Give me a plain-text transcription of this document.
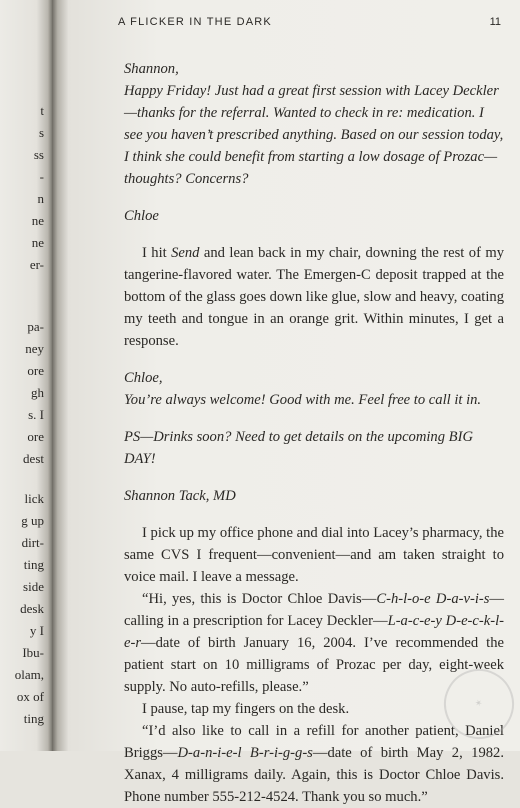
t
s
ss
-
n
ne
ne
er-
pa-
ney
ore
gh
s. I
ore
dest
lick
g up
dirt-
ting
side
desk
y I
Ibu-
olam,
ox of
ting
A FLICKER IN THE DARK	11

Shannon,

Happy Friday! Just had a great first session with Lacey Deckler—thanks for the referral. Wanted to check in re: medication. I see you haven’t prescribed anything. Based on our session today, I think she could benefit from starting a low dosage of Prozac—thoughts? Concerns?

Chloe

I hit Send and lean back in my chair, downing the rest of my tangerine-flavored water. The Emergen-C deposit trapped at the bottom of the glass goes down like glue, slow and heavy, coating my teeth and tongue in an orange grit. Within minutes, I get a response.

Chloe,

You’re always welcome! Good with me. Feel free to call it in.

PS—Drinks soon? Need to get details on the upcoming BIG DAY!

Shannon Tack, MD

I pick up my office phone and dial into Lacey’s pharmacy, the same CVS I frequent—convenient—and am taken straight to voice mail. I leave a message.

“Hi, yes, this is Doctor Chloe Davis—C-h-l-o-e D-a-v-i-s—calling in a prescription for Lacey Deckler—L-a-c-e-y D-e-c-k-l-e-r—date of birth January 16, 2004. I’ve recommended the patient start on 10 milligrams of Prozac per day, eight-week supply. No auto-refills, please.”

I pause, tap my fingers on the desk.

“I’d also like to call in a refill for another patient, Daniel Briggs—D-a-n-i-e-l B-r-i-g-g-s—date of birth May 2, 1982. Xanax, 4 milligrams daily. Again, this is Doctor Chloe Davis. Phone number 555-212-4524. Thank you so much.”

✶
